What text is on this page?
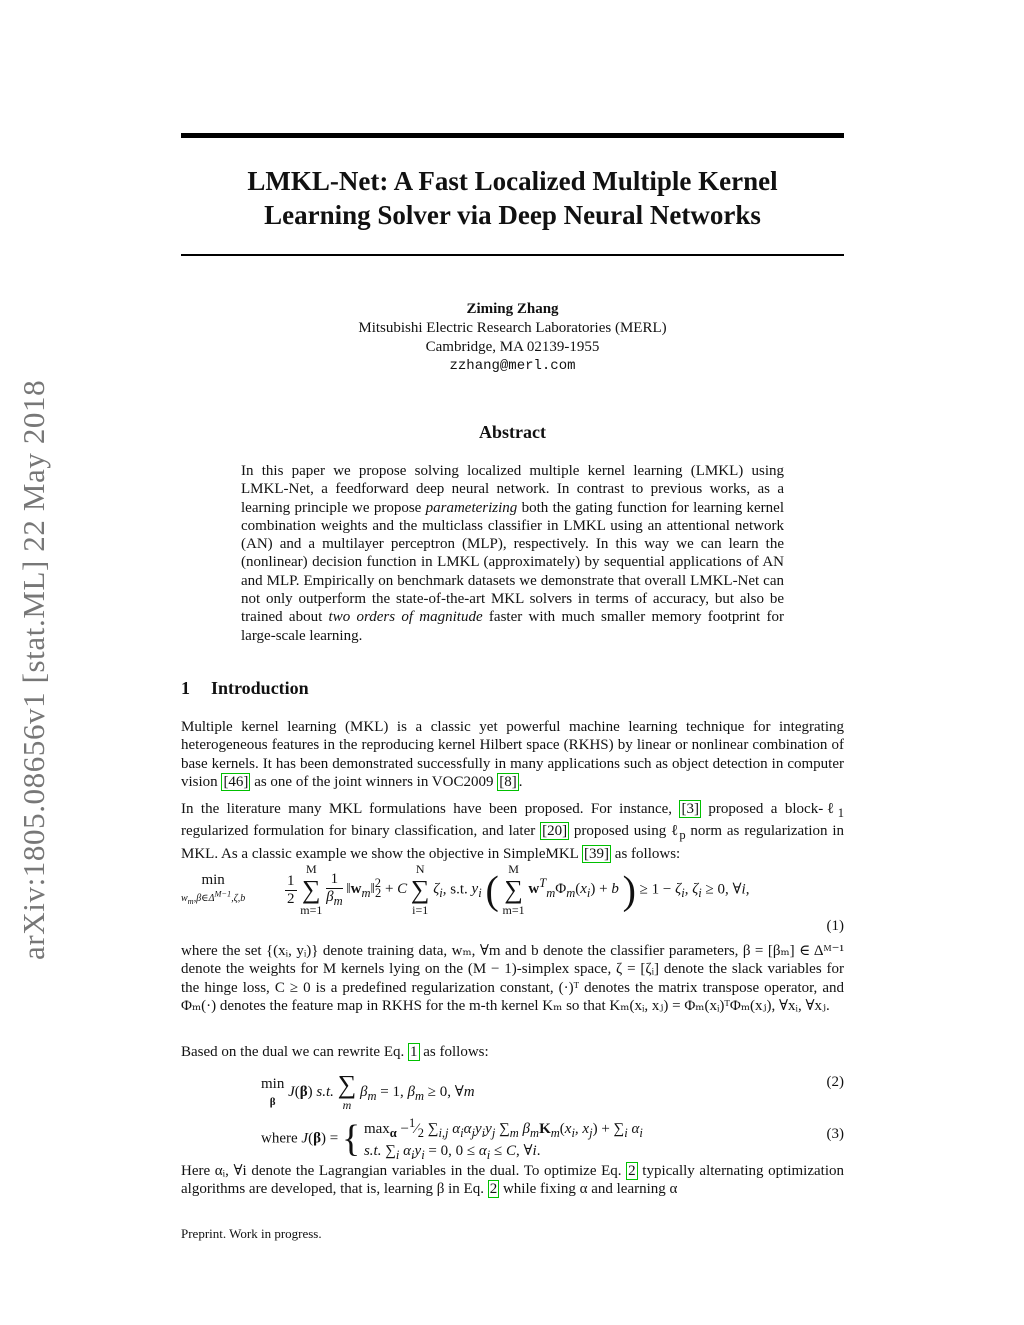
arXiv:1805.08656v1 [stat.ML] 22 May 2018
LMKL-Net: A Fast Localized Multiple Kernel
Learning Solver via Deep Neural Networks
Ziming Zhang
Mitsubishi Electric Research Laboratories (MERL)
Cambridge, MA 02139-1955
zzhang@merl.com
Abstract
In this paper we propose solving localized multiple kernel learning (LMKL) using LMKL-Net, a feedforward deep neural network. In contrast to previous works, as a learning principle we propose parameterizing both the gating function for learning kernel combination weights and the multiclass classifier in LMKL using an attentional network (AN) and a multilayer perceptron (MLP), respectively. In this way we can learn the (nonlinear) decision function in LMKL (approximately) by sequential applications of AN and MLP. Empirically on benchmark datasets we demonstrate that overall LMKL-Net can not only outperform the state-of-the-art MKL solvers in terms of accuracy, but also be trained about two orders of magnitude faster with much smaller memory footprint for large-scale learning.
1 Introduction
Multiple kernel learning (MKL) is a classic yet powerful machine learning technique for integrating heterogeneous features in the reproducing kernel Hilbert space (RKHS) by linear or nonlinear combination of base kernels. It has been demonstrated successfully in many applications such as object detection in computer vision [46] as one of the joint winners in VOC2009 [8] .
In the literature many MKL formulations have been proposed. For instance, [3] proposed a block-ℓ$_1$ regularized formulation for binary classification, and later [20] proposed using ℓ$_p$ norm as regularization in MKL. As a classic example we show the objective in SimpleMKL [39] as follows:
min
$w_m,\beta\in\Delta^{M-1},\zeta,b$	$\frac{1}{2}$
M
∑
m=1
$\frac{1}{\beta_m}$ $‖w_m‖^2_2 + C$ N
∑
i=1 $\zeta_i$, s.t. $y_i$ ( M
∑
m=1 $w^T_m\Phi_m(x_i) + b$ ) ≥ $1 - \zeta_i$, $\zeta_i \ge 0$, ∀i,
(1)
where the set {(xᵢ, yᵢ)} denote training data, wₘ, ∀m and b denote the classifier parameters, β = [βₘ] ∈ Δᴹ⁻¹ denote the weights for M kernels lying on the (M − 1)-simplex space, ζ = [ζᵢ] denote the slack variables for the hinge loss, C ≥ 0 is a predefined regularization constant, (·)ᵀ denotes the matrix transpose operator, and Φₘ(·) denotes the feature map in RKHS for the m-th kernel Kₘ so that Kₘ(xᵢ, xⱼ) = Φₘ(xᵢ)ᵀΦₘ(xⱼ), ∀xᵢ, ∀xⱼ.
Based on the dual we can rewrite Eq. 1 as follows:
min
β J(β) s.t. ∑
m $\beta_m = 1$, $\beta_m \ge 0$, ∀m
(2)
where J(β) = { $\max_\alpha$ $-^1⁄_2$ $\sum_{i,j}$ $\alpha_i\alpha_jy_iy_j$ $\sum_m$ $\beta_mK_m(x_i$, $x_j) + \sum_i$ $\alpha_i$
s.t. $\sum_i$ $\alpha_iy_i = 0$, $0 \le \alpha_i \le C$, ∀i.
(3)
Here αᵢ, ∀i denote the Lagrangian variables in the dual. To optimize Eq. 2 typically alternating optimization algorithms are developed, that is, learning β in Eq. 2 while fixing α and learning α
Preprint. Work in progress.
